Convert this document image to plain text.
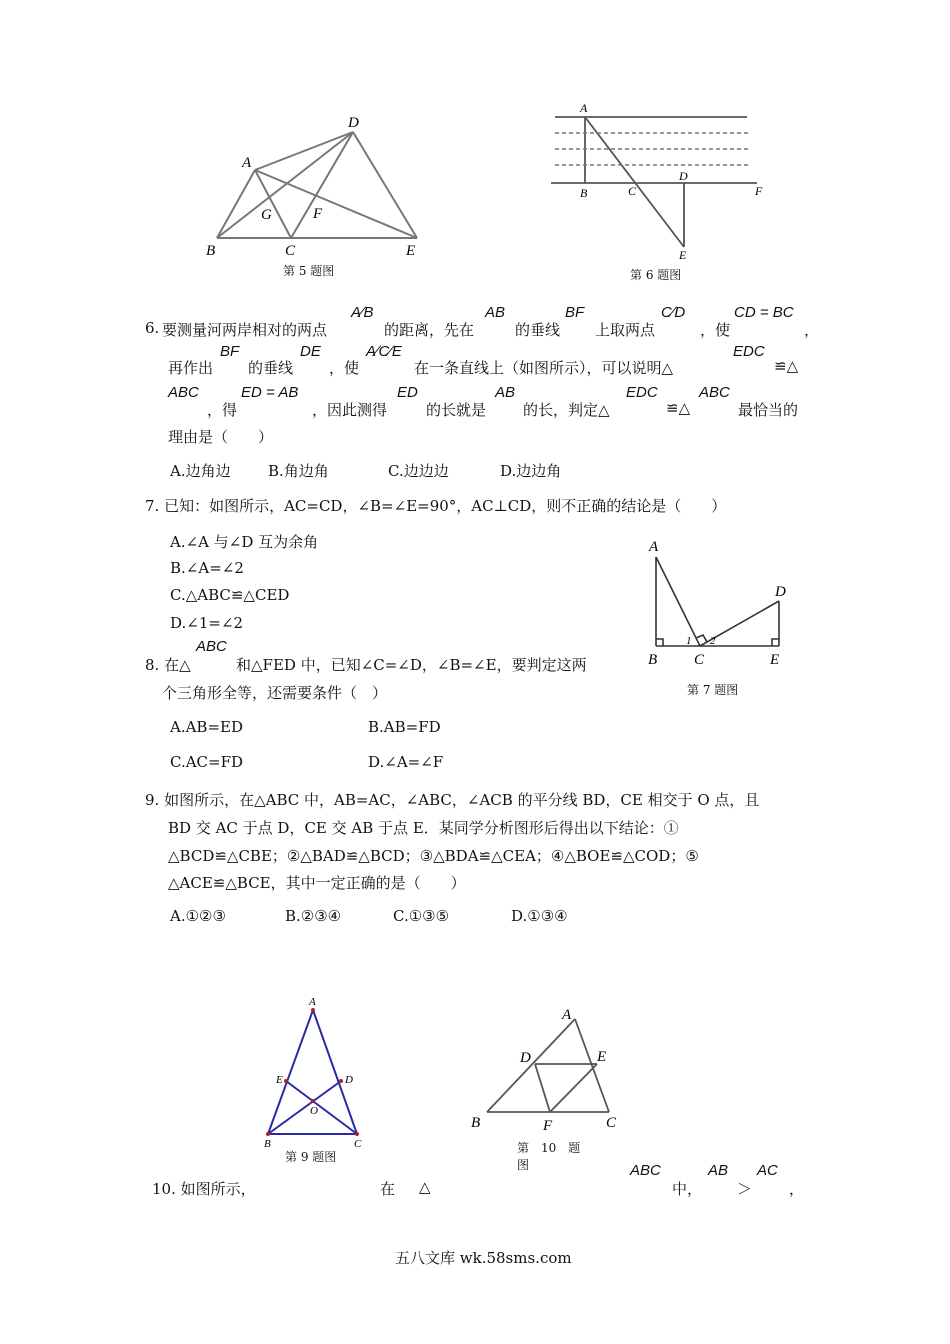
A
B	C
D
E
F
G
第 5 题图
A
B	C
D
E
F
第 6 题图
6. 要测量河两岸相对的两点
A∕B
的距离，先在
AB
的垂线
BF
上取两点
C∕D
，使
CD = BC
，
再作出
BF
的垂线
DE
，使
A∕C∕E
在一条直线上（如图所示），可以说明△
EDC
≌△
ABC
，得
ED = AB
，因此测得
ED
的长就是
AB
的长，判定△
EDC
≌△
ABC
最恰当的
理由是（　　）
A.边角边 B.角边角	C.边边边	D.边边角
7. 已知：如图所示，AC=CD，∠B=∠E=90°，AC⊥CD，则不正确的结论是（　　）
A.∠A 与∠D 互为余角
B.∠A=∠2
C.△ABC≌△CED
D.∠1=∠2
A
B C
D
E
1 2
第 7 题图
8. 在△
ABC
和△FED 中，已知∠C=∠D，∠B=∠E，要判定这两
个三角形全等，还需要条件（　）
A.AB=ED	B.AB=FD
C.AC=FD	D.∠A=∠F
9. 如图所示，在△ABC 中，AB=AC，∠ABC，∠ACB 的平分线 BD，CE 相交于 O 点，且
BD 交 AC 于点 D，CE 交 AB 于点 E．某同学分析图形后得出以下结论：①
△BCD≌△CBE；②△BAD≌△BCD；③△BDA≌△CEA；④△BOE≌△COD；⑤
△ACE≌△BCE，其中一定正确的是（　　）
A.①②③	B.②③④	C.①③⑤	D.①③④
A
B	C
D
E
O
第 9 题图
A
B	C
D	E
F
第　10　题
图
10. 如图所示，	在 △
ABC
中，
AB
＞
AC
，
五八文库 wk.58sms.com
